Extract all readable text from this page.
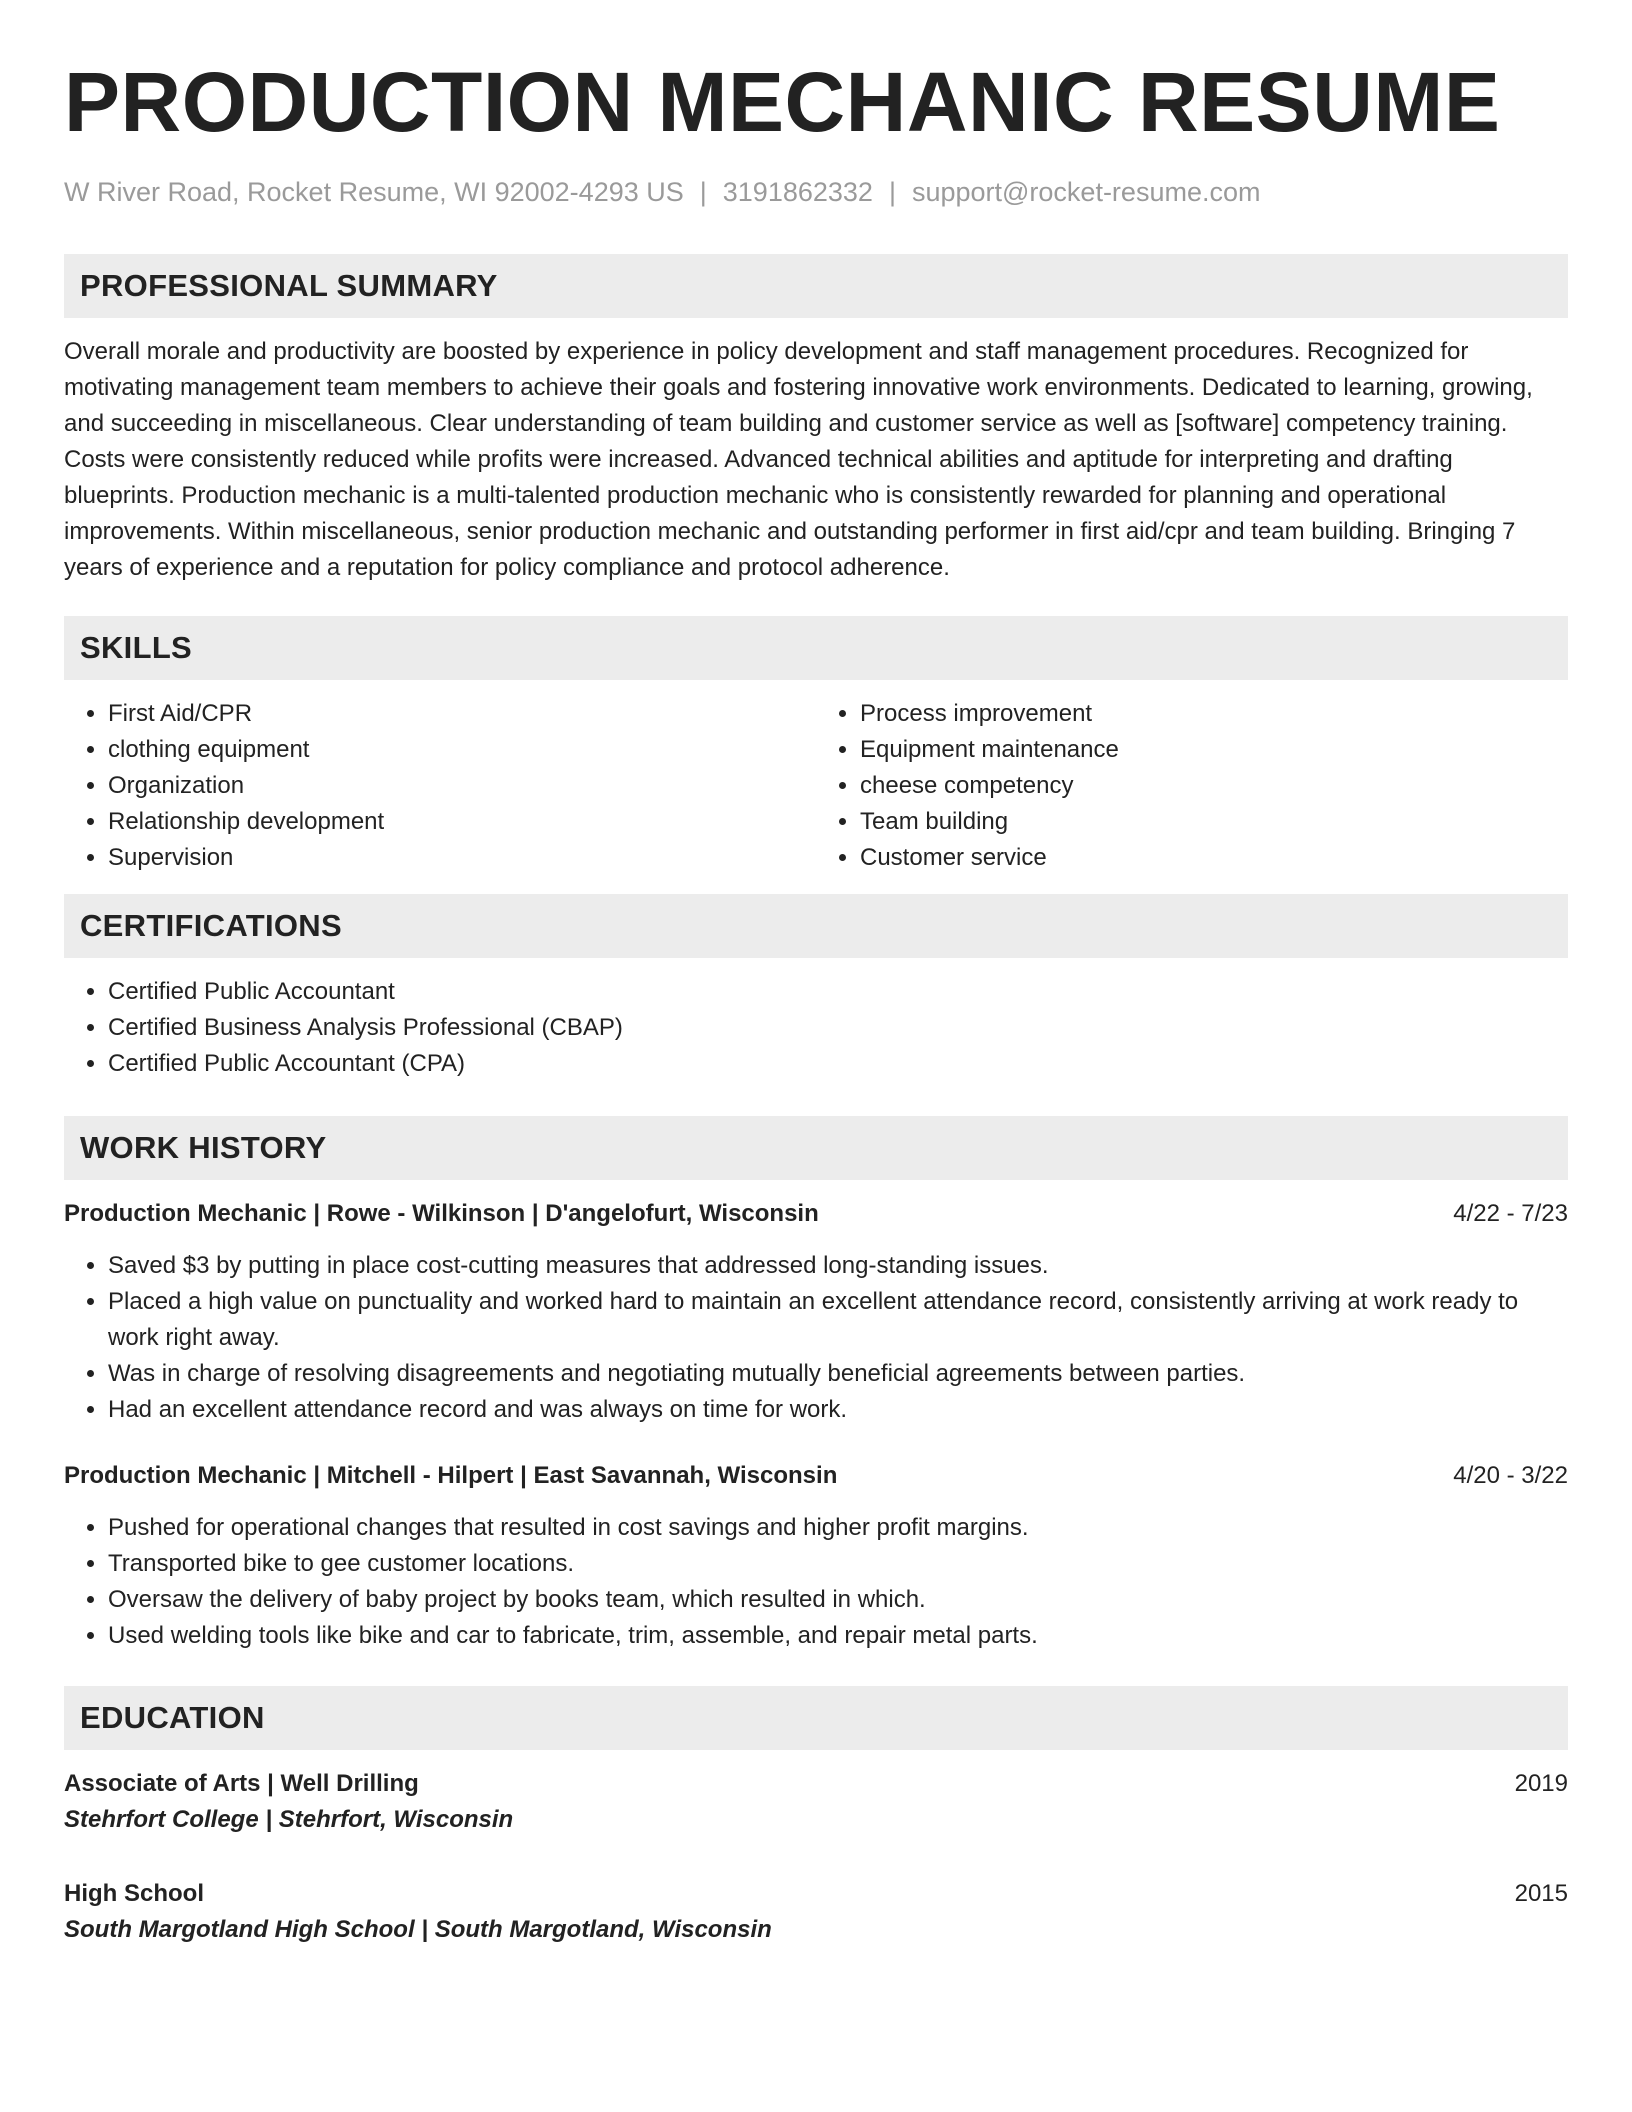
PRODUCTION MECHANIC RESUME
W River Road, Rocket Resume, WI 92002-4293 US | 3191862332 | support@rocket-resume.com
PROFESSIONAL SUMMARY

Overall morale and productivity are boosted by experience in policy development and staff management procedures. Recognized for motivating management team members to achieve their goals and fostering innovative work environments. Dedicated to learning, growing, and succeeding in miscellaneous. Clear understanding of team building and customer service as well as [software] competency training. Costs were consistently reduced while profits were increased. Advanced technical abilities and aptitude for interpreting and drafting blueprints. Production mechanic is a multi-talented production mechanic who is consistently rewarded for planning and operational improvements. Within miscellaneous, senior production mechanic and outstanding performer in first aid/cpr and team building. Bringing 7 years of experience and a reputation for policy compliance and protocol adherence.

SKILLS
• First Aid/CPR
• clothing equipment
• Organization
• Relationship development
• Supervision
• Process improvement
• Equipment maintenance
• cheese competency
• Team building
• Customer service
CERTIFICATIONS
• Certified Public Accountant
• Certified Business Analysis Professional (CBAP)
• Certified Public Accountant (CPA)
WORK HISTORY
Production Mechanic | Rowe - Wilkinson | D'angelofurt, Wisconsin	4/22 - 7/23
• Saved $3 by putting in place cost-cutting measures that addressed long-standing issues.
• Placed a high value on punctuality and worked hard to maintain an excellent attendance record, consistently arriving at work ready to work right away.
• Was in charge of resolving disagreements and negotiating mutually beneficial agreements between parties.
• Had an excellent attendance record and was always on time for work.
Production Mechanic | Mitchell - Hilpert | East Savannah, Wisconsin	4/20 - 3/22
• Pushed for operational changes that resulted in cost savings and higher profit margins.
• Transported bike to gee customer locations.
• Oversaw the delivery of baby project by books team, which resulted in which.
• Used welding tools like bike and car to fabricate, trim, assemble, and repair metal parts.
EDUCATION
Associate of Arts | Well Drilling	2019
Stehrfort College | Stehrfort, Wisconsin
High School	2015
South Margotland High School | South Margotland, Wisconsin
